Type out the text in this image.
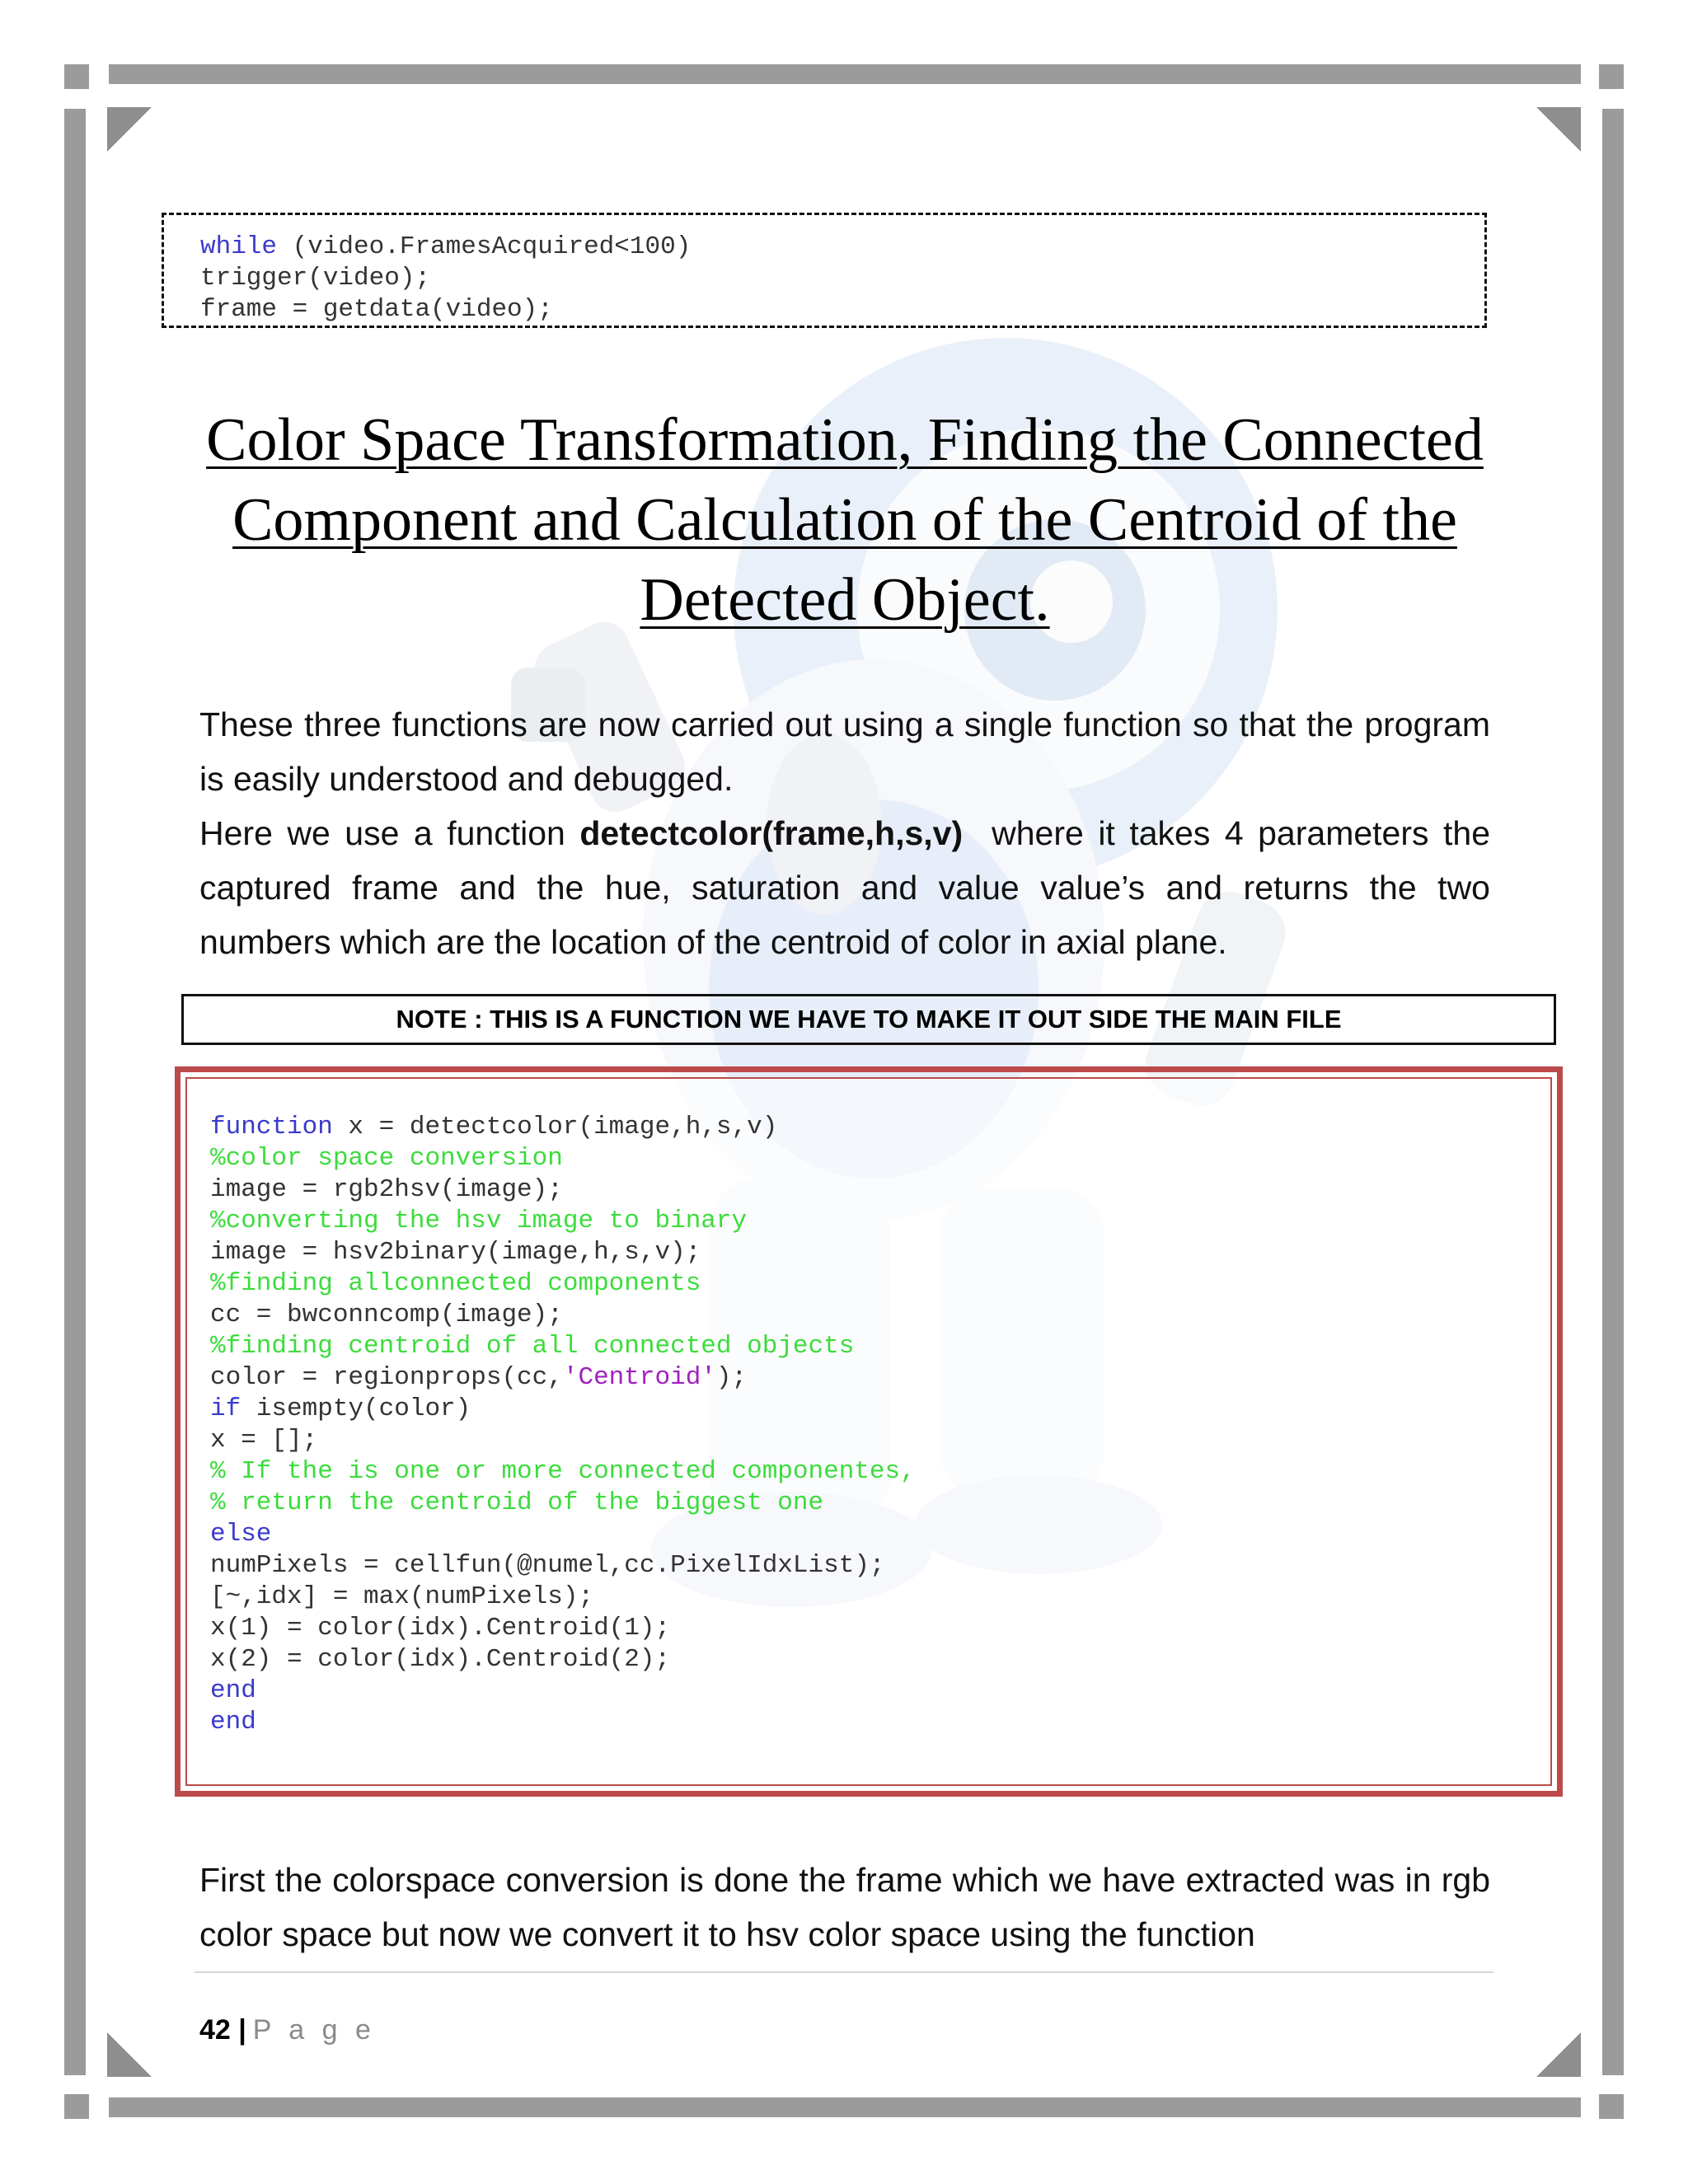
while (video.FramesAcquired<100)
trigger(video);
frame = getdata(video);
Color Space Transformation, Finding the Connected Component and Calculation of the Centroid of the Detected Object.

These three functions are now carried out using a single function so that the program is easily understood and debugged.

Here we use a function detectcolor(frame,h,s,v)  where it takes 4 parameters the captured frame and the hue, saturation and value value’s and returns the two numbers which are the location of the centroid of color in axial plane.

NOTE : THIS IS A FUNCTION WE HAVE TO MAKE IT OUT SIDE THE MAIN FILE
function x = detectcolor(image,h,s,v)
%color space conversion
image = rgb2hsv(image);
%converting the hsv image to binary
image = hsv2binary(image,h,s,v);
%finding allconnected components
cc = bwconncomp(image);
%finding centroid of all connected objects
color = regionprops(cc,'Centroid');
if isempty(color)
x = [];
% If the is one or more connected componentes,
% return the centroid of the biggest one
else
numPixels = cellfun(@numel,cc.PixelIdxList);
[~,idx] = max(numPixels);
x(1) = color(idx).Centroid(1);
x(2) = color(idx).Centroid(2);
end
end

First the colorspace conversion is done the frame which we have extracted was in rgb color space but now we convert it to hsv color space using the function

42 | P a g e
